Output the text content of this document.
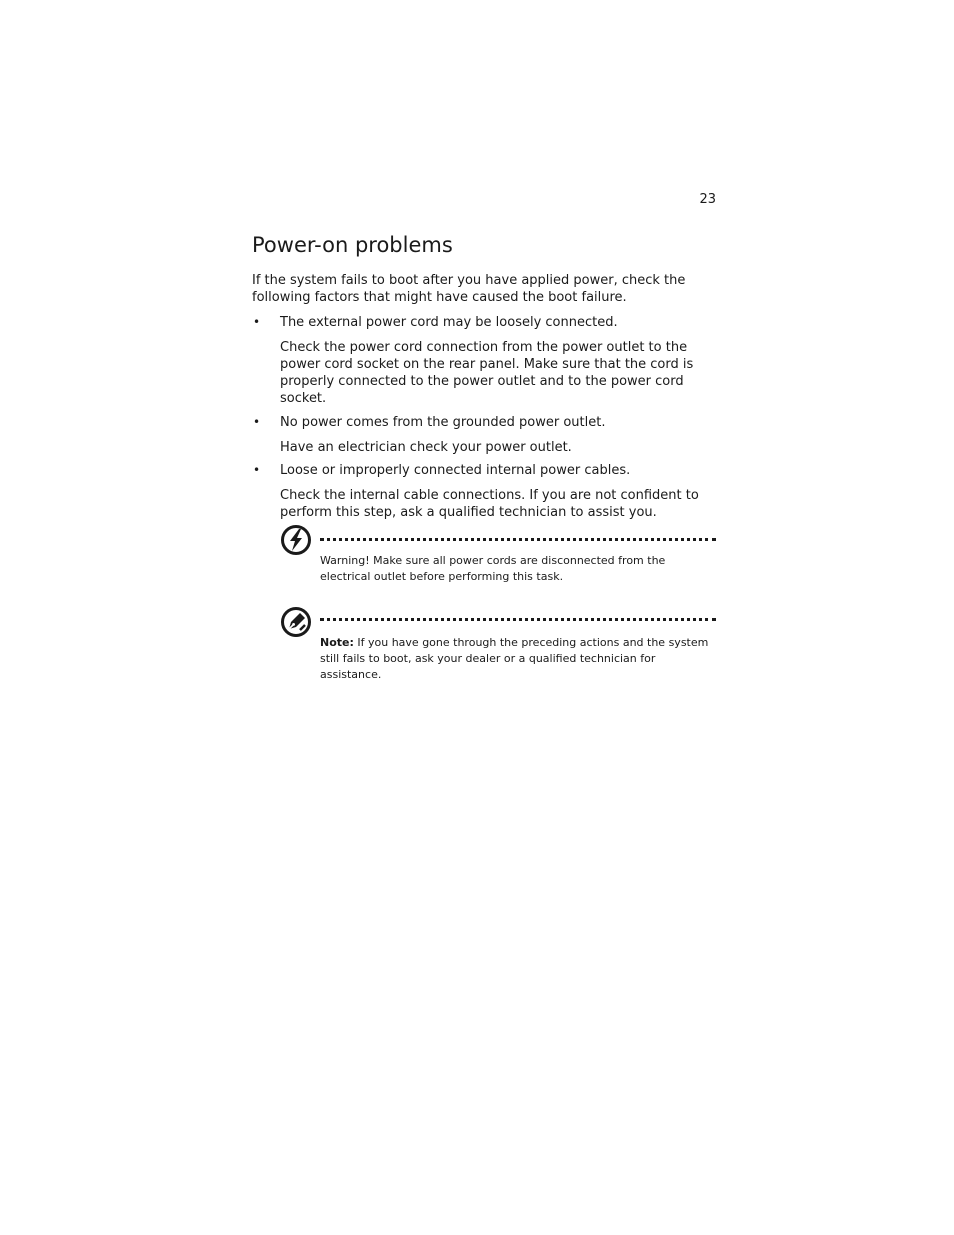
23
Power-on problems

If the system fails to boot after you have applied power, check the following factors that might have caused the boot failure.

• The external power cord may be loosely connected.

Check the power cord connection from the power outlet to the power cord socket on the rear panel. Make sure that the cord is properly connected to the power outlet and to the power cord socket.

• No power comes from the grounded power outlet.

Have an electrician check your power outlet.

• Loose or improperly connected internal power cables.

Check the internal cable connections. If you are not confident to perform this step, ask a qualified technician to assist you.

Warning! Make sure all power cords are disconnected from the electrical outlet before performing this task.

Note: If you have gone through the preceding actions and the system still fails to boot, ask your dealer or a qualified technician for assistance.
